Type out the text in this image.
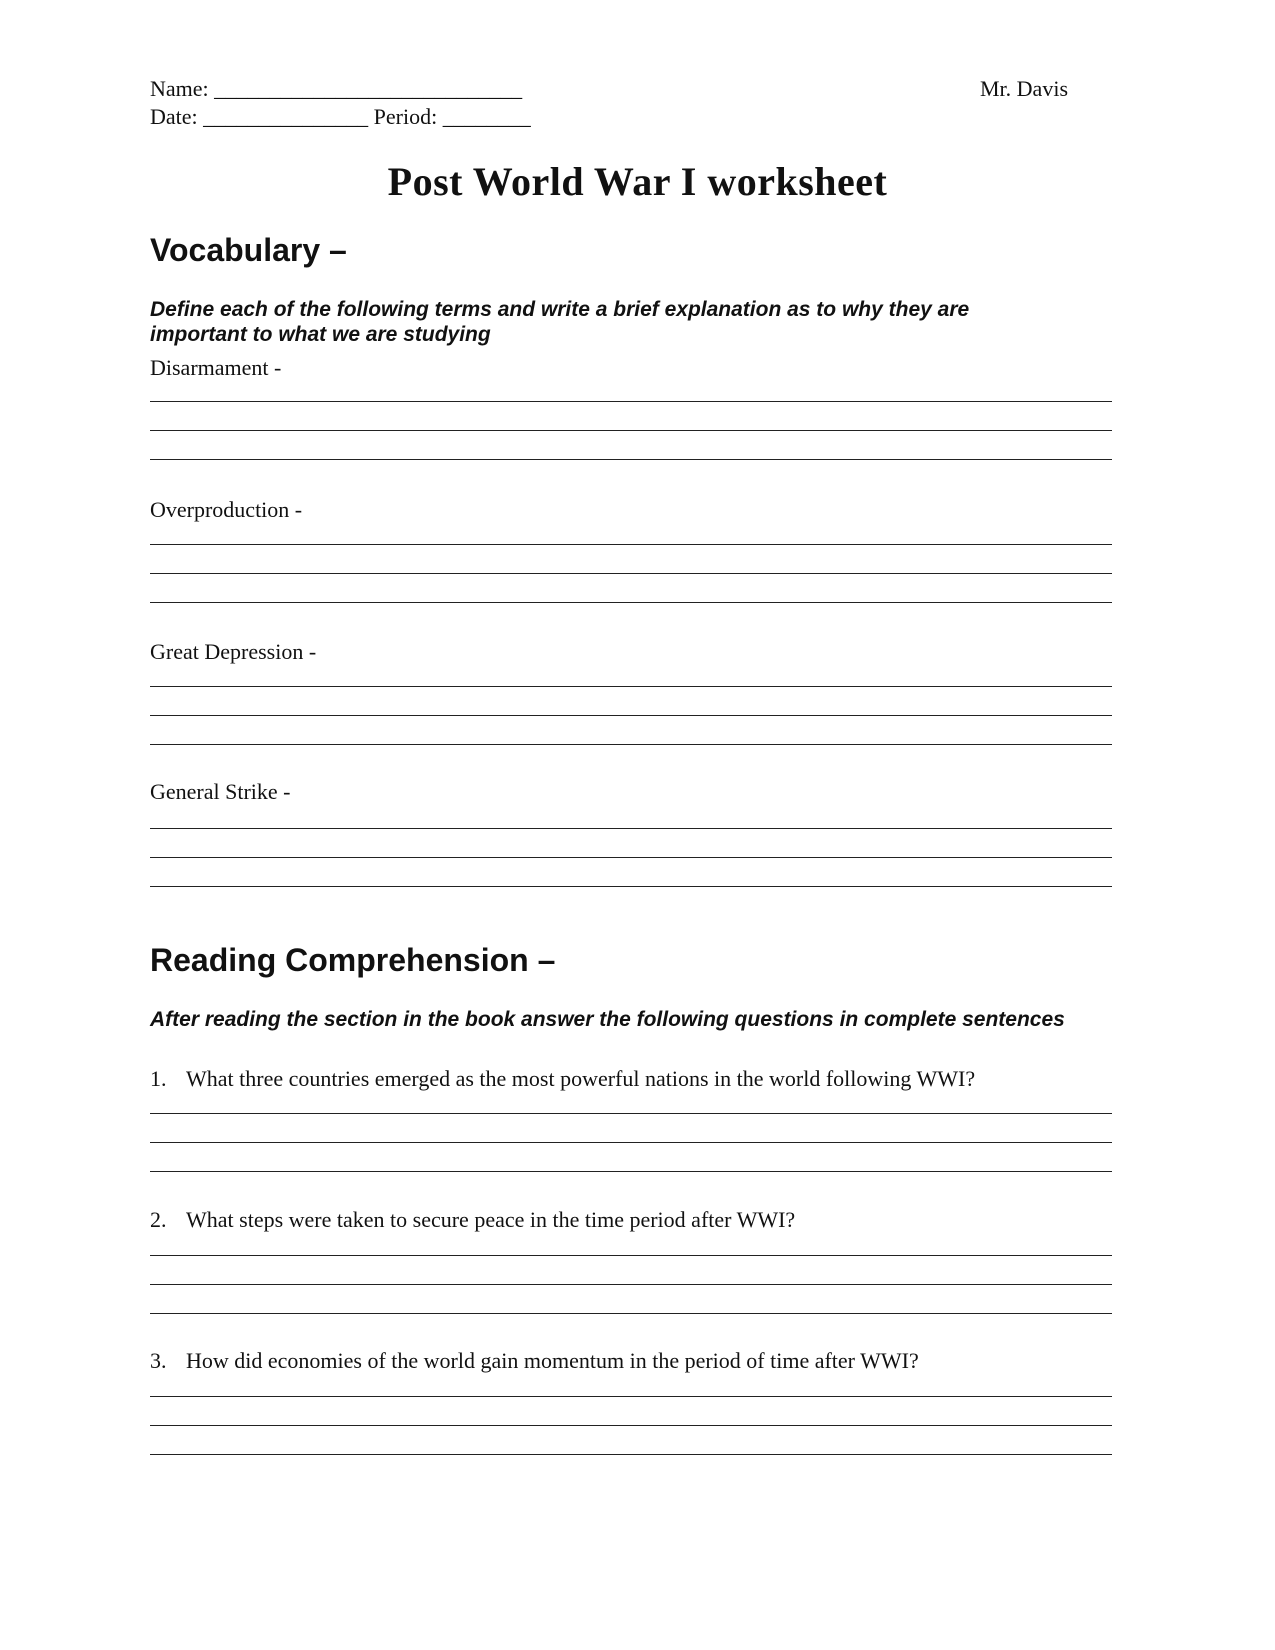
Name: ____________________________
Date: _______________ Period: ________
Mr. Davis
Post World War I worksheet
Vocabulary –
Define each of the following terms and write a brief explanation as to why they are important to what we are studying
Disarmament -
Overproduction -
Great Depression -
General Strike -
Reading Comprehension –
After reading the section in the book answer the following questions in complete sentences
1. What three countries emerged as the most powerful nations in the world following WWI?
2. What steps were taken to secure peace in the time period after WWI?
3. How did economies of the world gain momentum in the period of time after WWI?
